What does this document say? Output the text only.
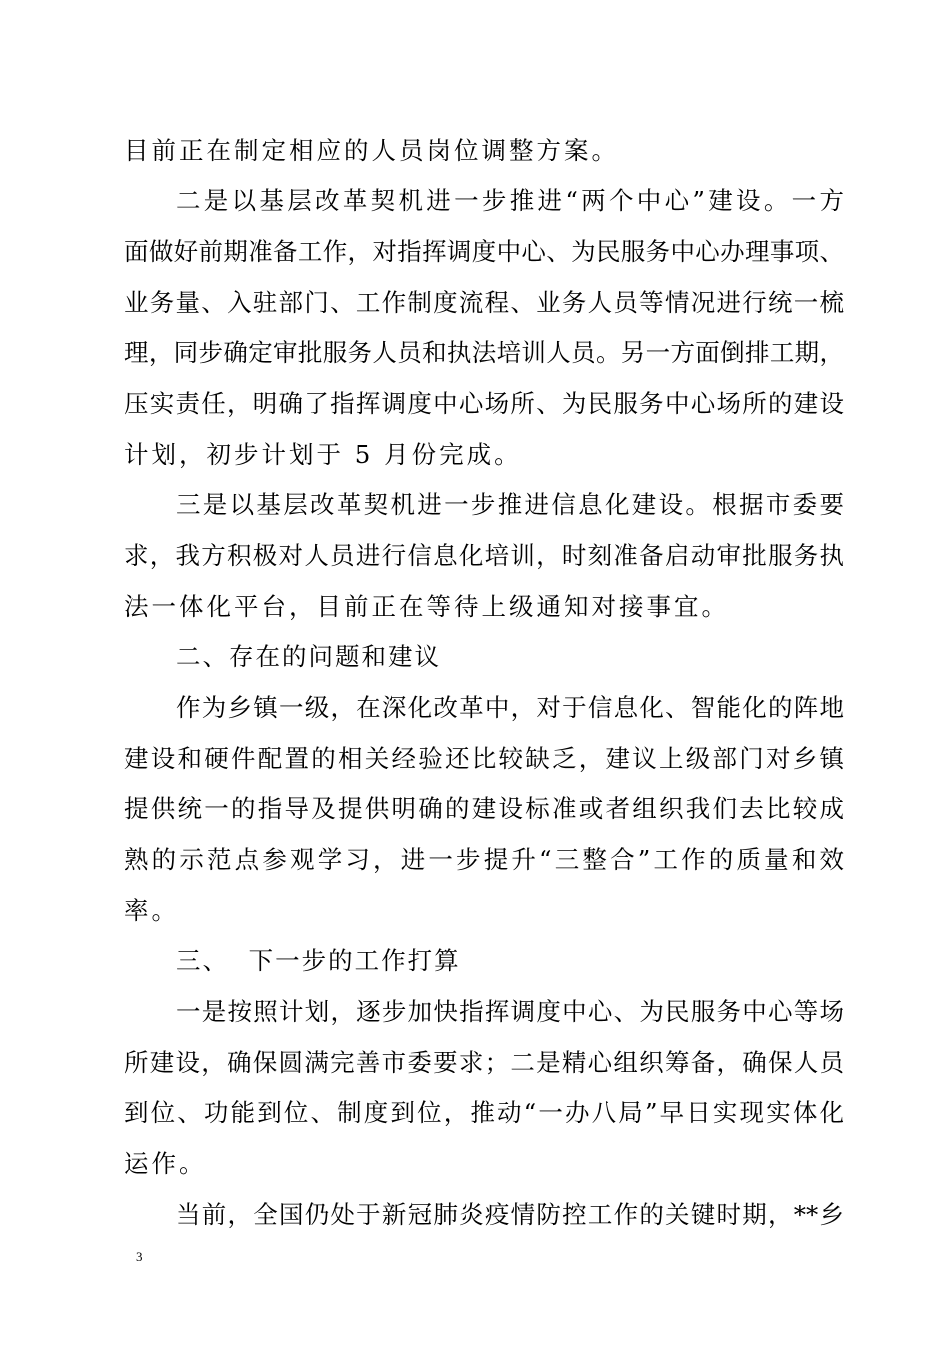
目前正在制定相应的人员岗位调整方案。
二是以基层改革契机进一步推进“两个中心”建设。一方
面做好前期准备工作，对指挥调度中心、为民服务中心办理事项、
业务量、入驻部门、工作制度流程、业务人员等情况进行统一梳
理，同步确定审批服务人员和执法培训人员。另一方面倒排工期，
压实责任，明确了指挥调度中心场所、为民服务中心场所的建设
计划，初步计划于 5 月份完成。
三是以基层改革契机进一步推进信息化建设。根据市委要
求，我方积极对人员进行信息化培训，时刻准备启动审批服务执
法一体化平台，目前正在等待上级通知对接事宜。
二、存在的问题和建议
作为乡镇一级，在深化改革中，对于信息化、智能化的阵地
建设和硬件配置的相关经验还比较缺乏，建议上级部门对乡镇
提供统一的指导及提供明确的建设标准或者组织我们去比较成
熟的示范点参观学习，进一步提升“三整合”工作的质量和效
率。
三、  下一步的工作打算
一是按照计划，逐步加快指挥调度中心、为民服务中心等场
所建设，确保圆满完善市委要求；二是精心组织筹备，确保人员
到位、功能到位、制度到位，推动“一办八局”早日实现实体化
运作。
当前，全国仍处于新冠肺炎疫情防控工作的关键时期，**乡
3
